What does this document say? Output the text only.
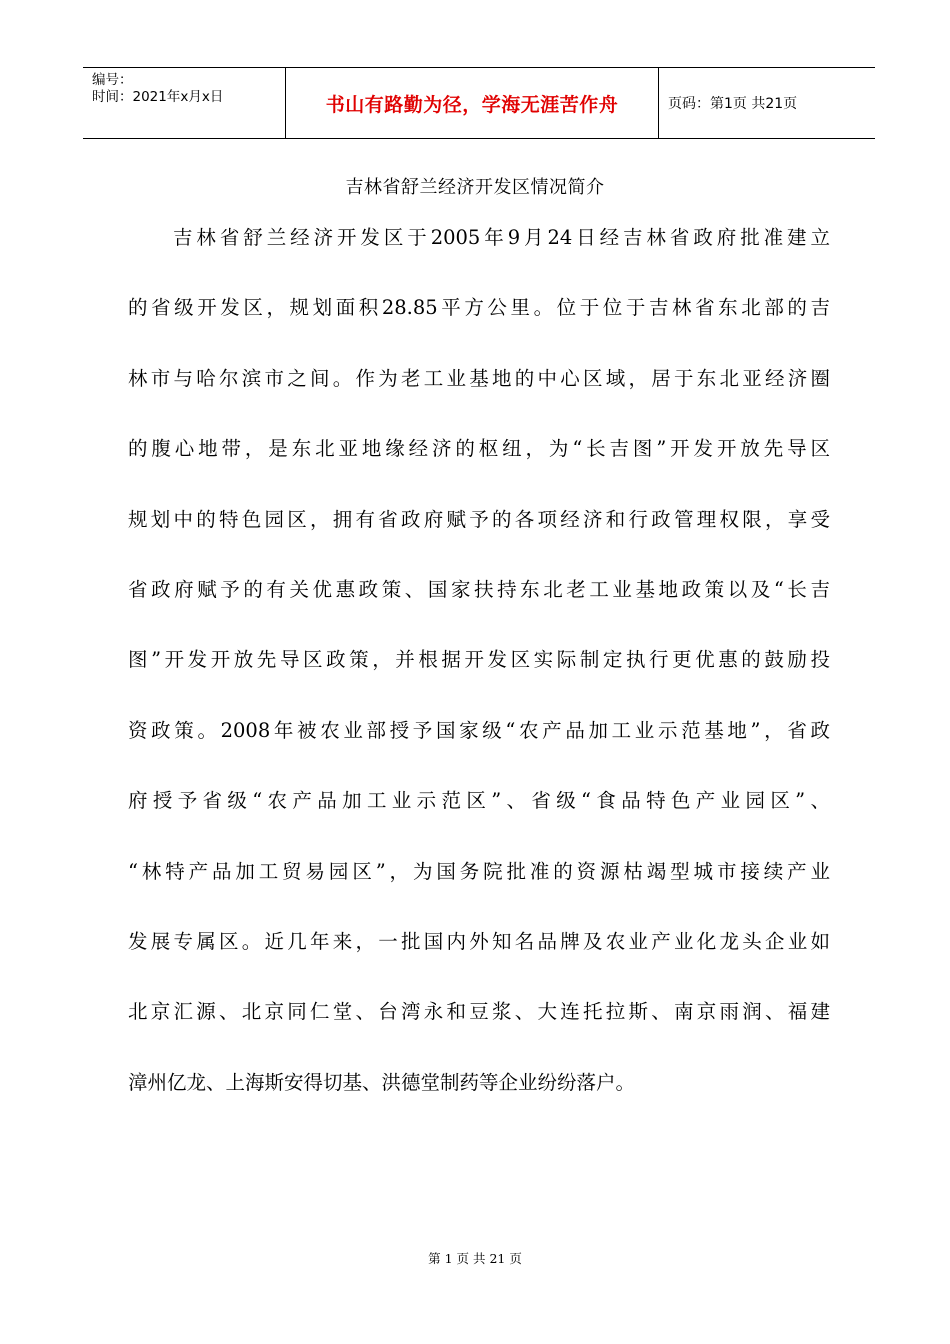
编号：
时间：2021年x月x日	书山有路勤为径，学海无涯苦作舟	页码：第1页 共21页
吉林省舒兰经济开发区情况简介
吉林省舒兰经济开发区于2005年9月24日经吉林省政府批准建立
的省级开发区，规划面积28.85平方公里。位于位于吉林省东北部的吉
林市与哈尔滨市之间。作为老工业基地的中心区域，居于东北亚经济圈
的腹心地带，是东北亚地缘经济的枢纽，为“长吉图”开发开放先导区
规划中的特色园区，拥有省政府赋予的各项经济和行政管理权限，享受
省政府赋予的有关优惠政策、国家扶持东北老工业基地政策以及“长吉
图”开发开放先导区政策，并根据开发区实际制定执行更优惠的鼓励投
资政策。2008年被农业部授予国家级“农产品加工业示范基地”，省政
府授予省级“农产品加工业示范区”、省级“食品特色产业园区”、
“林特产品加工贸易园区”，为国务院批准的资源枯竭型城市接续产业
发展专属区。近几年来，一批国内外知名品牌及农业产业化龙头企业如
北京汇源、北京同仁堂、台湾永和豆浆、大连托拉斯、南京雨润、福建
漳州亿龙、上海斯安得切基、洪德堂制药等企业纷纷落户。
第 1 页 共 21 页
